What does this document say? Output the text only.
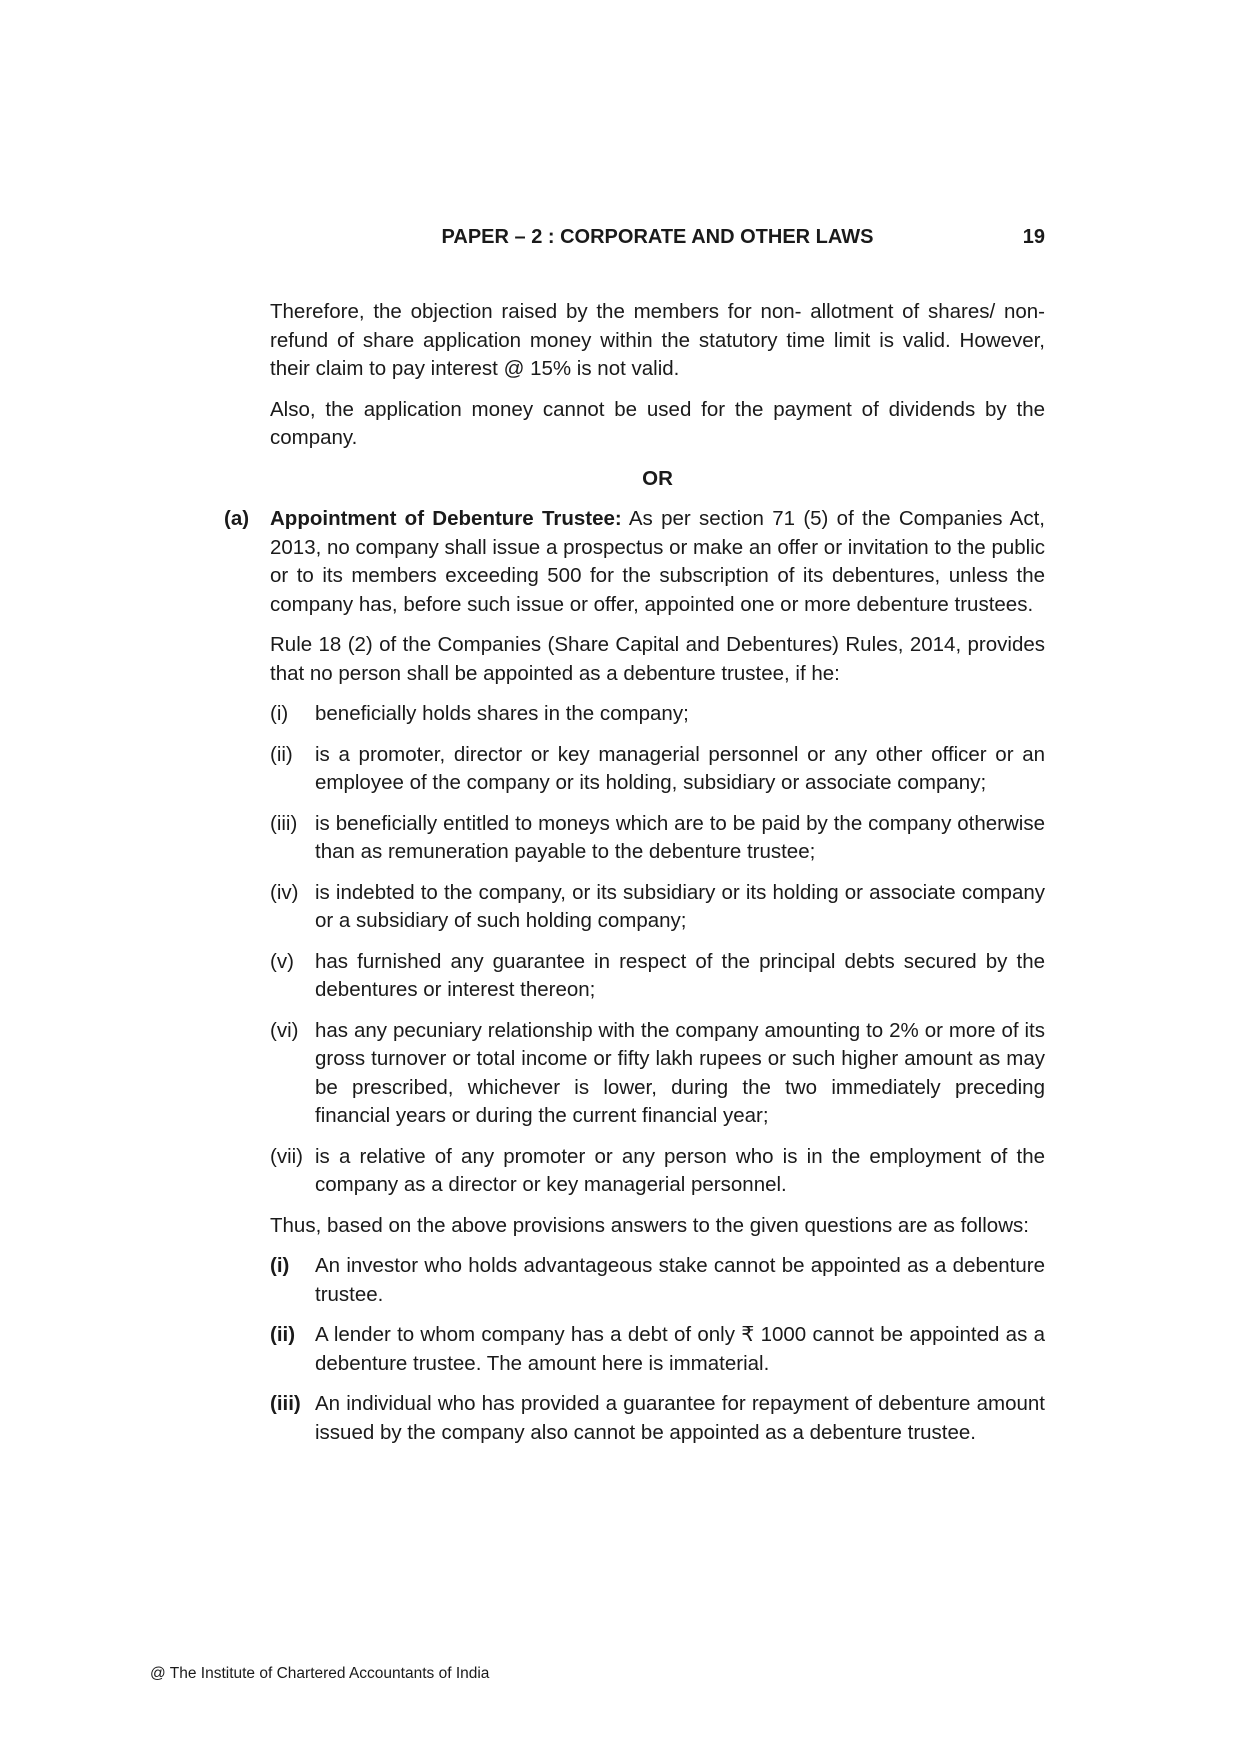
PAPER – 2 : CORPORATE AND OTHER LAWS	19

Therefore, the objection raised by the members for non- allotment of shares/ non-refund of share application money within the statutory time limit is valid. However, their claim to pay interest @ 15% is not valid.

Also, the application money cannot be used for the payment of dividends by the company.

OR

(a) Appointment of Debenture Trustee: As per section 71 (5) of the Companies Act, 2013, no company shall issue a prospectus or make an offer or invitation to the public or to its members exceeding 500 for the subscription of its debentures, unless the company has, before such issue or offer, appointed one or more debenture trustees.

Rule 18 (2) of the Companies (Share Capital and Debentures) Rules, 2014, provides that no person shall be appointed as a debenture trustee, if he:

(i) beneficially holds shares in the company;
(ii) is a promoter, director or key managerial personnel or any other officer or an employee of the company or its holding, subsidiary or associate company;
(iii) is beneficially entitled to moneys which are to be paid by the company otherwise than as remuneration payable to the debenture trustee;
(iv) is indebted to the company, or its subsidiary or its holding or associate company or a subsidiary of such holding company;
(v) has furnished any guarantee in respect of the principal debts secured by the debentures or interest thereon;
(vi) has any pecuniary relationship with the company amounting to 2% or more of its gross turnover or total income or fifty lakh rupees or such higher amount as may be prescribed, whichever is lower, during the two immediately preceding financial years or during the current financial year;
(vii) is a relative of any promoter or any person who is in the employment of the company as a director or key managerial personnel.

Thus, based on the above provisions answers to the given questions are as follows:

(i) An investor who holds advantageous stake cannot be appointed as a debenture trustee.
(ii) A lender to whom company has a debt of only ₹ 1000 cannot be appointed as a debenture trustee. The amount here is immaterial.
(iii) An individual who has provided a guarantee for repayment of debenture amount issued by the company also cannot be appointed as a debenture trustee.
@ The Institute of Chartered Accountants of India
